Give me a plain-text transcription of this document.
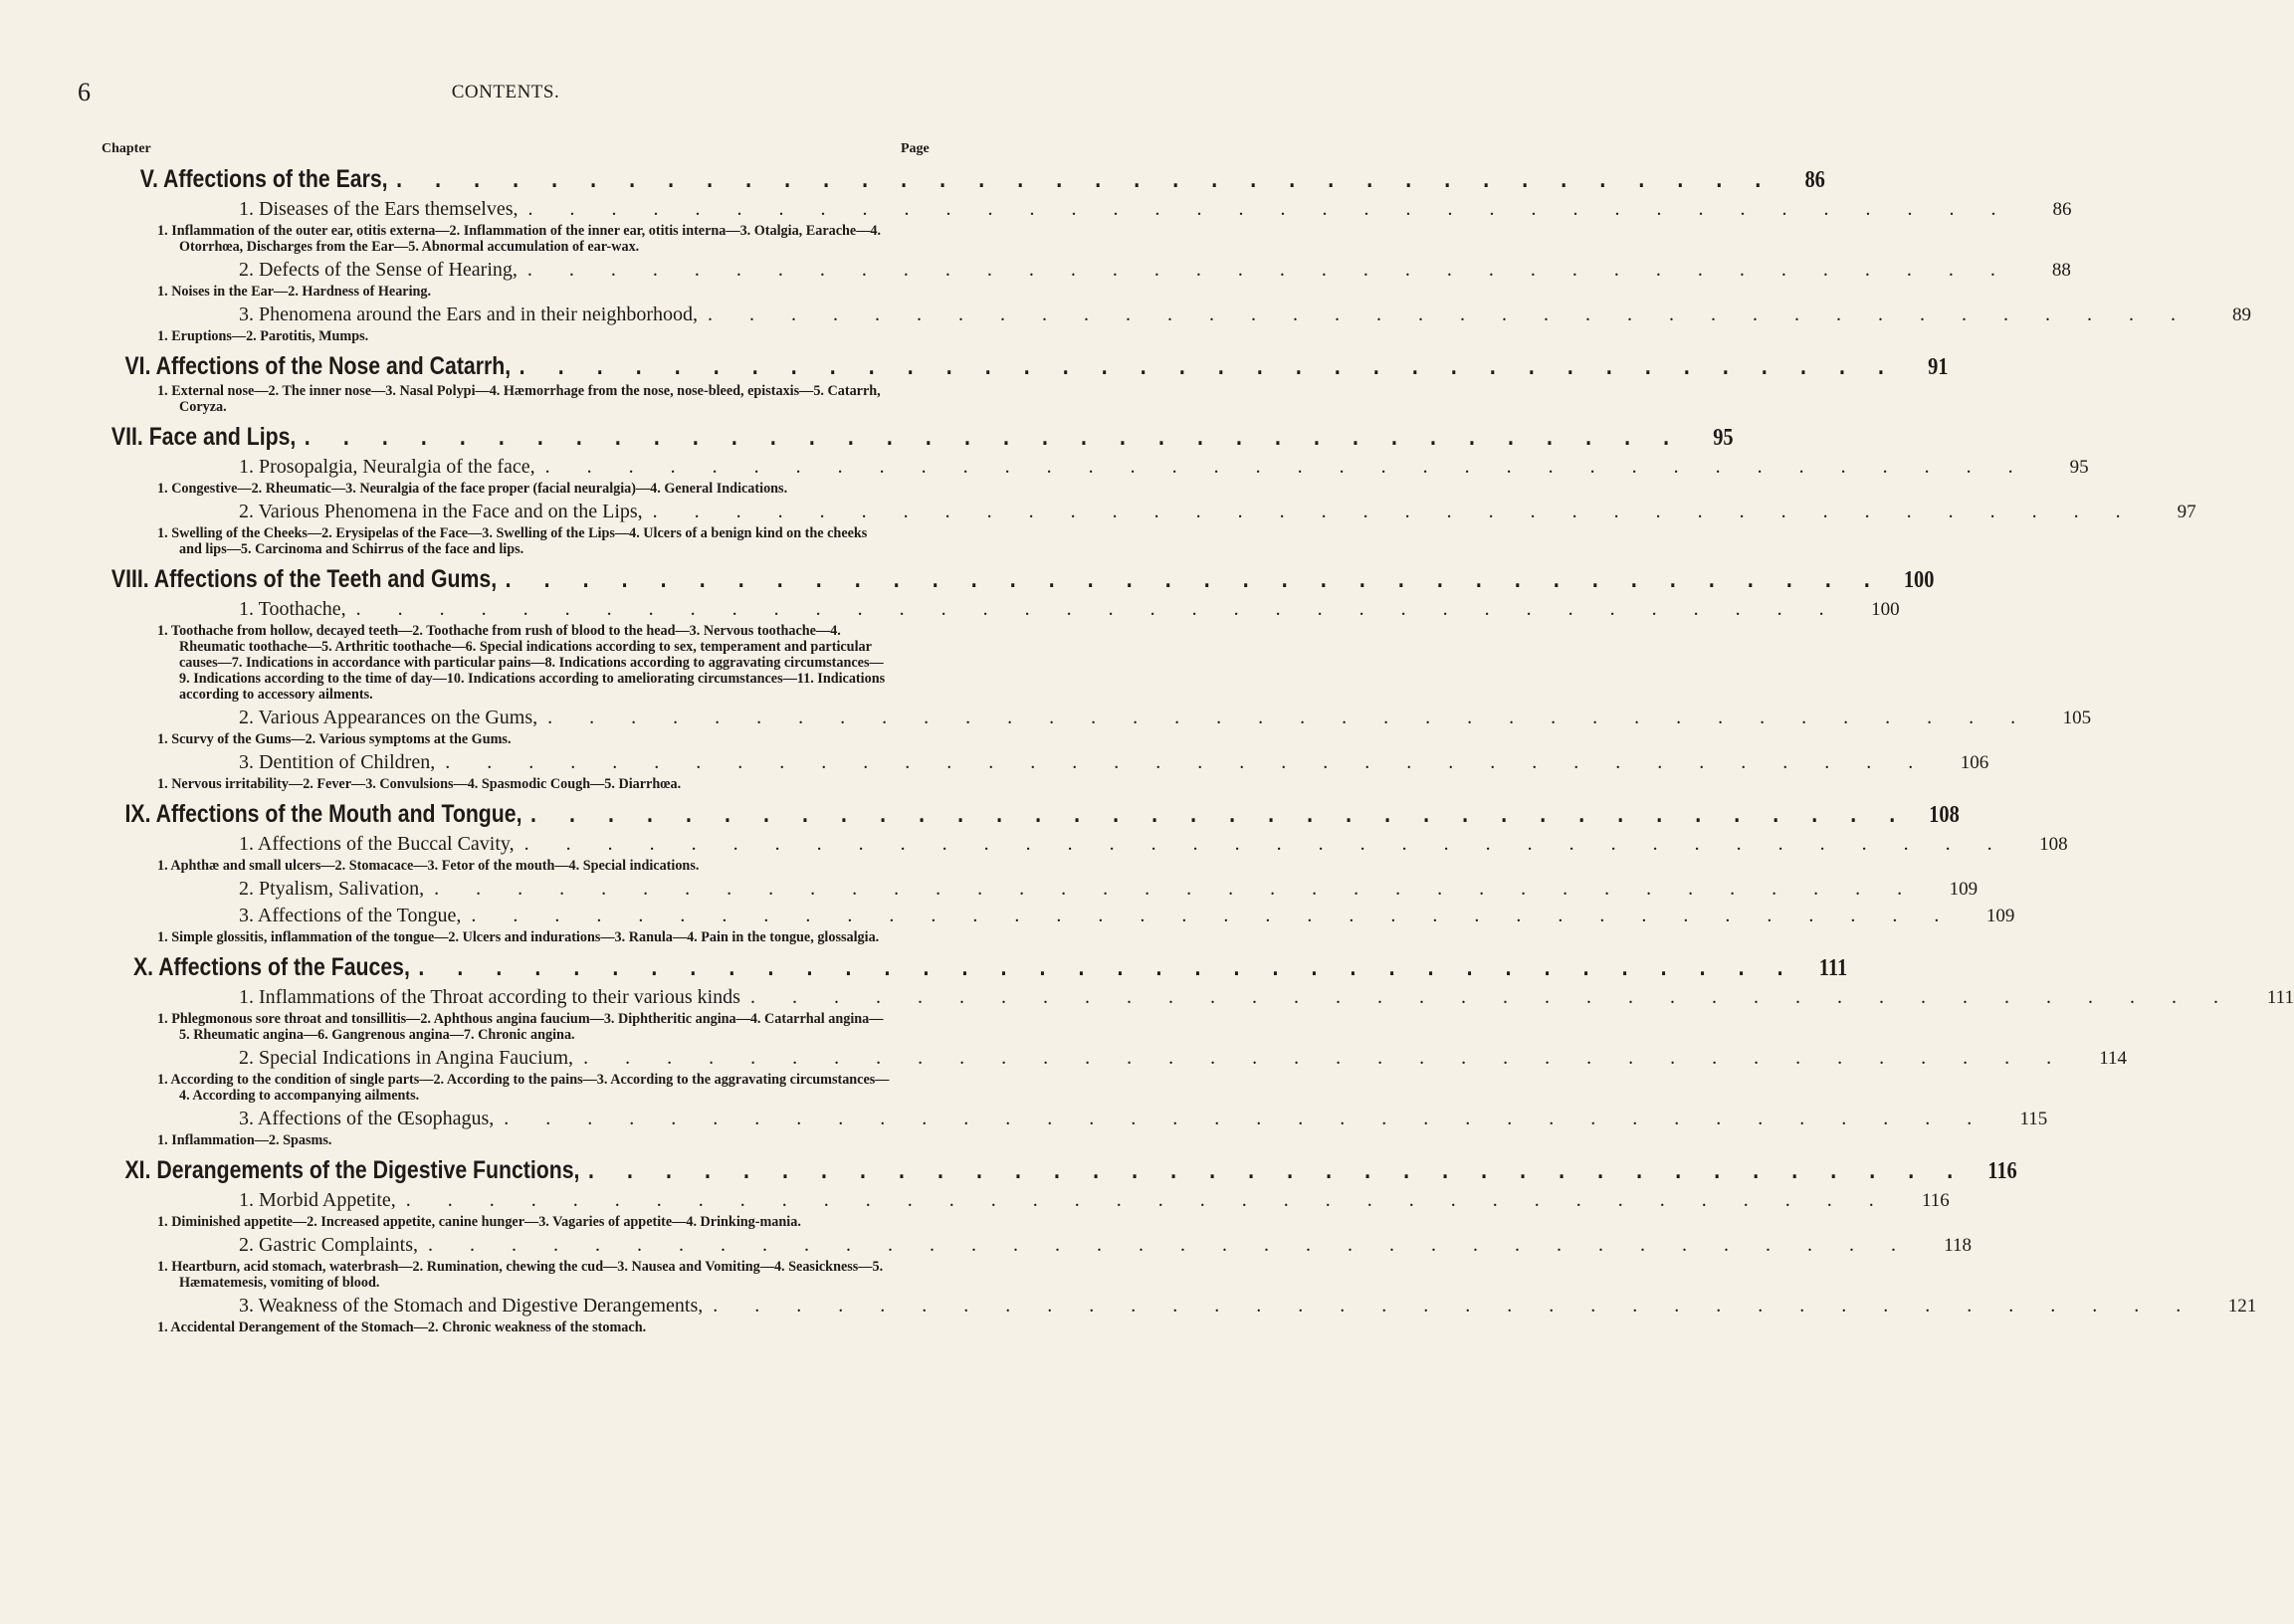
6	CONTENTS.
Chapter	Page
V. Affections of the Ears, . . . . . . . . . . . . . . . . . . . . . . . . . . . . . . . . . . . .	86
1. Diseases of the Ears themselves, . . . . . . . . . . . . . . . . . . . . . . . . . . . . . . . . . . . .	86
1. Inflammation of the outer ear, otitis externa—2. Inflammation of the inner ear, otitis interna—3. Otalgia, Earache—4. Otorrhœa, Discharges from the Ear—5. Abnormal accumulation of ear-wax.
2. Defects of the Sense of Hearing, . . . . . . . . . . . . . . . . . . . . . . . . . . . . . . . . . . . .	88
1. Noises in the Ear—2. Hardness of Hearing.
3. Phenomena around the Ears and in their neighborhood, . . . . . . . . . . . . . . . . . . . . . . . . . . . . . . . . . . . .	89
1. Eruptions—2. Parotitis, Mumps.
VI. Affections of the Nose and Catarrh, . . . . . . . . . . . . . . . . . . . . . . . . . . . . . . . . . . . .	91
1. External nose—2. The inner nose—3. Nasal Polypi—4. Hæmorrhage from the nose, nose-bleed, epistaxis—5. Catarrh, Coryza.
VII. Face and Lips, . . . . . . . . . . . . . . . . . . . . . . . . . . . . . . . . . . . .	95
1. Prosopalgia, Neuralgia of the face, . . . . . . . . . . . . . . . . . . . . . . . . . . . . . . . . . . . .	95
1. Congestive—2. Rheumatic—3. Neuralgia of the face proper (facial neuralgia)—4. General Indications.
2. Various Phenomena in the Face and on the Lips, . . . . . . . . . . . . . . . . . . . . . . . . . . . . . . . . . . . .	97
1. Swelling of the Cheeks—2. Erysipelas of the Face—3. Swelling of the Lips—4. Ulcers of a benign kind on the cheeks and lips—5. Carcinoma and Schirrus of the face and lips.
VIII. Affections of the Teeth and Gums, . . . . . . . . . . . . . . . . . . . . . . . . . . . . . . . . . . . . 100
1. Toothache, . . . . . . . . . . . . . . . . . . . . . . . . . . . . . . . . . . . .	100
1. Toothache from hollow, decayed teeth—2. Toothache from rush of blood to the head—3. Nervous toothache—4. Rheumatic toothache—5. Arthritic toothache—6. Special indications according to sex, temperament and particular causes—7. Indications in accordance with particular pains—8. Indications according to aggravating circumstances—9. Indications according to the time of day—10. Indications according to ameliorating circumstances—11. Indications according to accessory ailments.
2. Various Appearances on the Gums, . . . . . . . . . . . . . . . . . . . . . . . . . . . . . . . . . . . .	105
1. Scurvy of the Gums—2. Various symptoms at the Gums.
3. Dentition of Children, . . . . . . . . . . . . . . . . . . . . . . . . . . . . . . . . . . . .	106
1. Nervous irritability—2. Fever—3. Convulsions—4. Spasmodic Cough—5. Diarrhœa.
IX. Affections of the Mouth and Tongue, . . . . . . . . . . . . . . . . . . . . . . . . . . . . . . . . . . . . 108
1. Affections of the Buccal Cavity, . . . . . . . . . . . . . . . . . . . . . . . . . . . . . . . . . . . .	108
1. Aphthæ and small ulcers—2. Stomacace—3. Fetor of the mouth—4. Special indications.
2. Ptyalism, Salivation, . . . . . . . . . . . . . . . . . . . . . . . . . . . . . . . . . . . .	109
3. Affections of the Tongue, . . . . . . . . . . . . . . . . . . . . . . . . . . . . . . . . . . . .	109
1. Simple glossitis, inflammation of the tongue—2. Ulcers and indurations—3. Ranula—4. Pain in the tongue, glossalgia.
X. Affections of the Fauces, . . . . . . . . . . . . . . . . . . . . . . . . . . . . . . . . . . . . 111
1. Inflammations of the Throat according to their various kinds . . . . . . . . . . . . . . . . . . . . . . . . . . . . . . . . . . . .	111
1. Phlegmonous sore throat and tonsillitis—2. Aphthous angina faucium—3. Diphtheritic angina—4. Catarrhal angina—5. Rheumatic angina—6. Gangrenous angina—7. Chronic angina.
2. Special Indications in Angina Faucium, . . . . . . . . . . . . . . . . . . . . . . . . . . . . . . . . . . . .	114
1. According to the condition of single parts—2. According to the pains—3. According to the aggravating circumstances—4. According to accompanying ailments.
3. Affections of the Œsophagus, . . . . . . . . . . . . . . . . . . . . . . . . . . . . . . . . . . . .	115
1. Inflammation—2. Spasms.
XI. Derangements of the Digestive Functions, . . . . . . . . . . . . . . . . . . . . . . . . . . . . . . . . . . . . 116
1. Morbid Appetite, . . . . . . . . . . . . . . . . . . . . . . . . . . . . . . . . . . . .	116
1. Diminished appetite—2. Increased appetite, canine hunger—3. Vagaries of appetite—4. Drinking-mania.
2. Gastric Complaints, . . . . . . . . . . . . . . . . . . . . . . . . . . . . . . . . . . . .	118
1. Heartburn, acid stomach, waterbrash—2. Rumination, chewing the cud—3. Nausea and Vomiting—4. Seasickness—5. Hæmatemesis, vomiting of blood.
3. Weakness of the Stomach and Digestive Derangements, . . . . . . . . . . . . . . . . . . . . . . . . . . . . . . . . . . . .	121
1. Accidental Derangement of the Stomach—2. Chronic weakness of the stomach.
